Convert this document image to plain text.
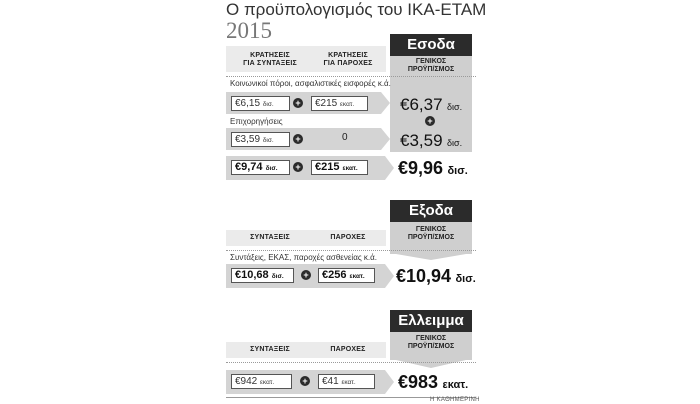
Ο προϋπολογισμός του ΙΚΑ-ΕΤΑΜ
2015
Εσοδα
ΚΡΑΤΗΣΕΙΣ
ΓΙΑ ΣΥΝΤΑΞΕΙΣ
ΚΡΑΤΗΣΕΙΣ
ΓΙΑ ΠΑΡΟΧΕΣ	ΓΕΝΙΚΟΣ
ΠΡΟΫΠ/ΣΜΟΣ
Κοινωνικοί πόροι, ασφαλιστικές εισφορές κ.ά.
€6,15 δισ.	+	€215 εκατ.	€6,37 δισ.
+
Επιχορηγήσεις
€3,59 δισ.	+	0	€3,59 δισ.
€9,74 δισ.	+	€215 εκατ.	€9,96 δισ.
Εξοδα
ΣΥΝΤΑΞΕΙΣ	ΠΑΡΟΧΕΣ
ΓΕΝΙΚΟΣ
ΠΡΟΫΠ/ΣΜΟΣ
Συντάξεις, ΕΚΑΣ, παροχές ασθενείας κ.ά.
€10,68 δισ.	+	€256 εκατ.	€10,94 δισ.
Ελλειμμα
ΣΥΝΤΑΞΕΙΣ	ΠΑΡΟΧΕΣ
ΓΕΝΙΚΟΣ
ΠΡΟΫΠ/ΣΜΟΣ
€942 εκατ.	+	€41 εκατ.	€983 εκατ.
Η ΚΑΘΗΜΕΡΙΝΗ
